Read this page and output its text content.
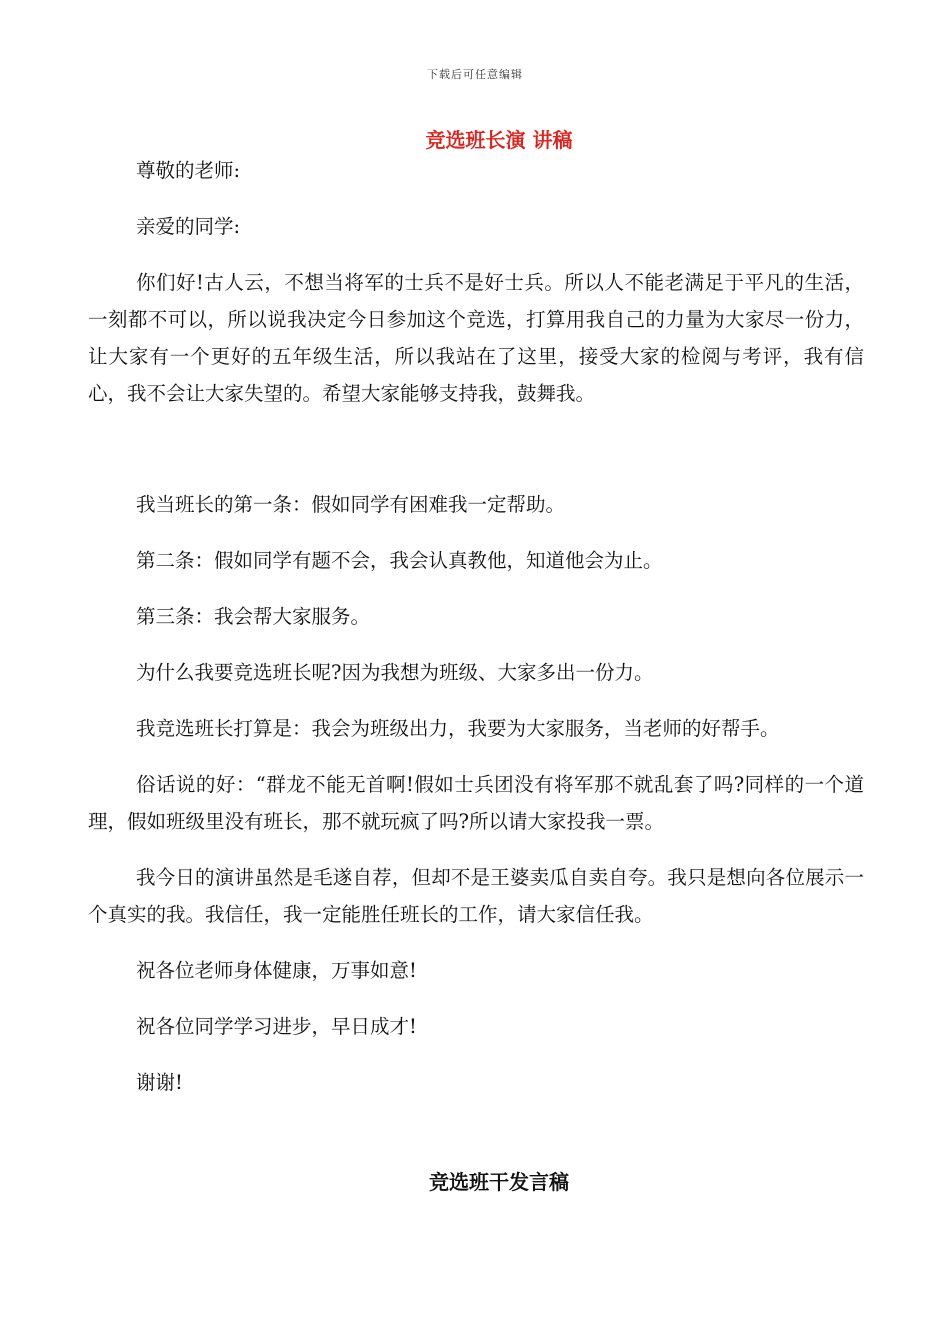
下载后可任意编辑
竞选班长演 讲稿

尊敬的老师:

亲爱的同学:

你们好!古人云，不想当将军的士兵不是好士兵。所以人不能老满足于平凡的生活，一刻都不可以，所以说我决定今日参加这个竞选，打算用我自己的力量为大家尽一份力，让大家有一个更好的五年级生活，所以我站在了这里，接受大家的检阅与考评，我有信心，我不会让大家失望的。希望大家能够支持我，鼓舞我。

我当班长的第一条：假如同学有困难我一定帮助。

第二条：假如同学有题不会，我会认真教他，知道他会为止。

第三条：我会帮大家服务。

为什么我要竞选班长呢?因为我想为班级、大家多出一份力。

我竞选班长打算是：我会为班级出力，我要为大家服务，当老师的好帮手。

俗话说的好：“群龙不能无首啊!假如士兵团没有将军那不就乱套了吗?同样的一个道理，假如班级里没有班长，那不就玩疯了吗?所以请大家投我一票。

我今日的演讲虽然是毛遂自荐，但却不是王婆卖瓜自卖自夸。我只是想向各位展示一个真实的我。我信任，我一定能胜任班长的工作，请大家信任我。

祝各位老师身体健康，万事如意!

祝各位同学学习进步，早日成才!

谢谢!

竞选班干发言稿
